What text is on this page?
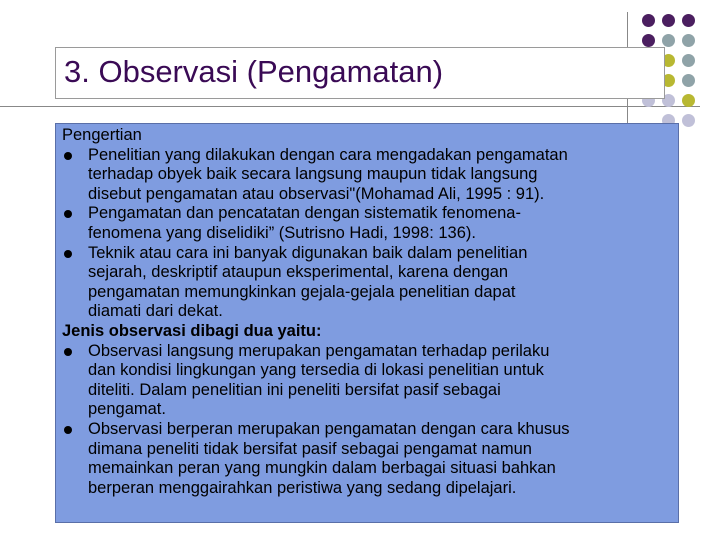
3. Observasi (Pengamatan)

Pengertian

Penelitian yang dilakukan dengan cara mengadakan pengamatan
terhadap obyek baik secara langsung maupun tidak langsung
disebut pengamatan atau observasi"(Mohamad Ali, 1995 : 91).
Pengamatan dan pencatatan dengan sistematik fenomena-
fenomena yang diselidiki” (Sutrisno Hadi, 1998: 136).
Teknik atau cara ini banyak digunakan baik dalam penelitian
sejarah, deskriptif ataupun eksperimental, karena dengan
pengamatan memungkinkan gejala-gejala penelitian dapat
diamati dari dekat.

Jenis observasi dibagi dua yaitu:

Observasi langsung merupakan pengamatan terhadap perilaku
dan kondisi lingkungan yang tersedia di lokasi penelitian untuk
diteliti. Dalam penelitian ini peneliti bersifat pasif sebagai
pengamat.
Observasi berperan merupakan pengamatan dengan cara khusus
dimana peneliti tidak bersifat pasif sebagai pengamat namun
memainkan peran yang mungkin dalam berbagai situasi bahkan
berperan menggairahkan peristiwa yang sedang dipelajari.
